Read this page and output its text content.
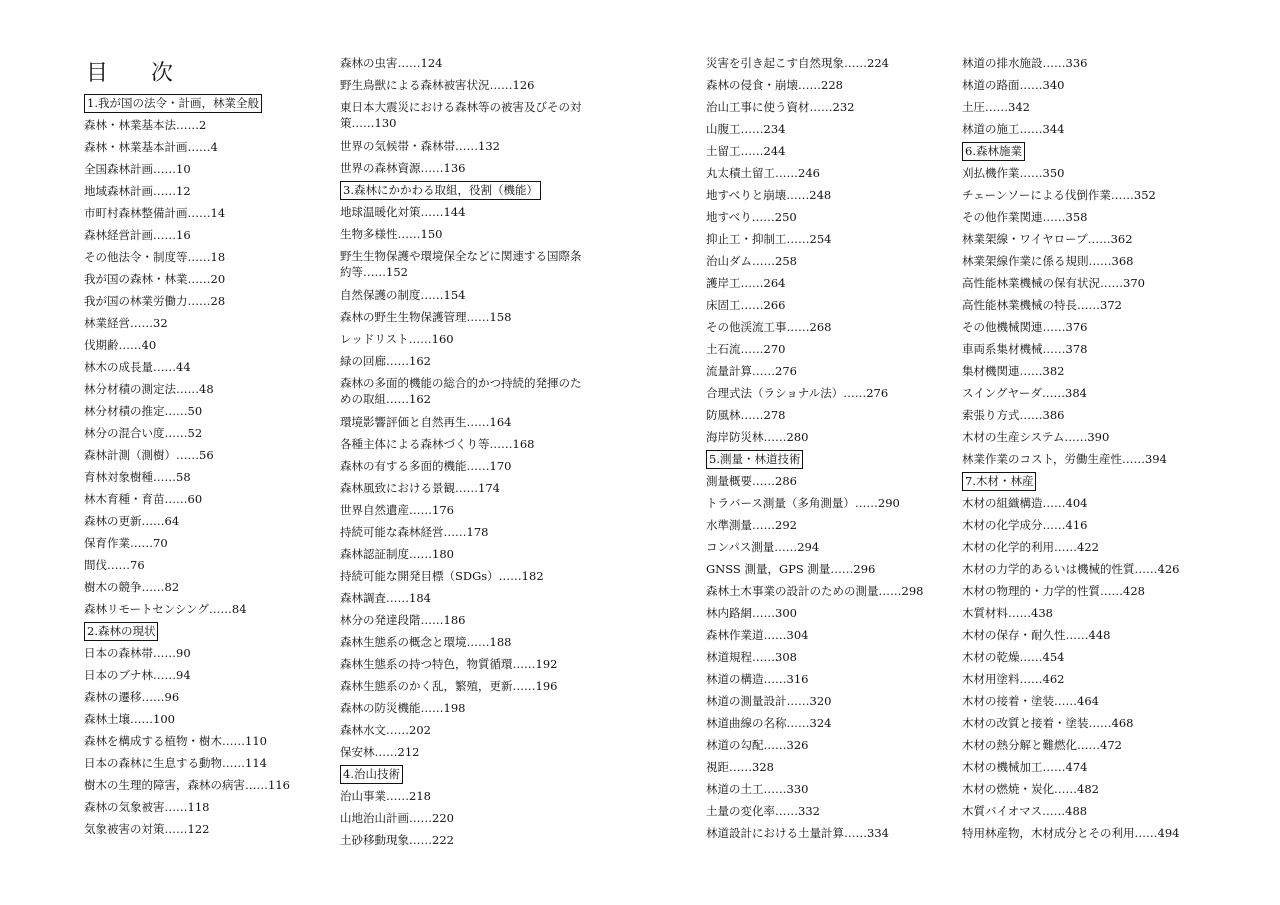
目 次
1.我が国の法令・計画，林業全般
森林・林業基本法……2
森林・林業基本計画……4
全国森林計画……10
地域森林計画……12
市町村森林整備計画……14
森林経営計画……16
その他法令・制度等……18
我が国の森林・林業……20
我が国の林業労働力……28
林業経営……32
伐期齢……40
林木の成長量……44
林分材積の測定法……48
林分材積の推定……50
林分の混合い度……52
森林計測（測樹）……56
育林対象樹種……58
林木育種・育苗……60
森林の更新……64
保育作業……70
間伐……76
樹木の競争……82
森林リモートセンシング……84
2.森林の現状
日本の森林帯……90
日本のブナ林……94
森林の遷移……96
森林土壌……100
森林を構成する植物・樹木……110
日本の森林に生息する動物……114
樹木の生理的障害，森林の病害……116
森林の気象被害……118
気象被害の対策……122
森林の虫害……124
野生鳥獣による森林被害状況……126
東日本大震災における森林等の被害及びその対策……130
世界の気候帯・森林帯……132
世界の森林資源……136
3.森林にかかわる取組，役割（機能）
地球温暖化対策……144
生物多様性……150
野生生物保護や環境保全などに関連する国際条約等……152
自然保護の制度……154
森林の野生生物保護管理……158
レッドリスト……160
緑の回廊……162
森林の多面的機能の総合的かつ持続的発揮のための取組……162
環境影響評価と自然再生……164
各種主体による森林づくり等……168
森林の有する多面的機能……170
森林風致における景観……174
世界自然遺産……176
持続可能な森林経営……178
森林認証制度……180
持続可能な開発目標（SDGs）……182
森林調査……184
林分の発達段階……186
森林生態系の概念と環境……188
森林生態系の持つ特色，物質循環……192
森林生態系のかく乱，繁殖，更新……196
森林の防災機能……198
森林水文……202
保安林……212
4.治山技術
治山事業……218
山地治山計画……220
土砂移動現象……222
災害を引き起こす自然現象……224
森林の侵食・崩壊……228
治山工事に使う資材……232
山腹工……234
土留工……244
丸太積土留工……246
地すべりと崩壊……248
地すべり……250
抑止工・抑制工……254
治山ダム……258
護岸工……264
床固工……266
その他渓流工事……268
土石流……270
流量計算……276
合理式法（ラショナル法）……276
防風林……278
海岸防災林……280
5.測量・林道技術
測量概要……286
トラバース測量（多角測量）……290
水準測量……292
コンパス測量……294
GNSS 測量，GPS 測量……296
森林土木事業の設計のための測量……298
林内路網……300
森林作業道……304
林道規程……308
林道の構造……316
林道の測量設計……320
林道曲線の名称……324
林道の勾配……326
視距……328
林道の土工……330
土量の変化率……332
林道設計における土量計算……334
林道の排水施設……336
林道の路面……340
土圧……342
林道の施工……344
6.森林施業
刈払機作業……350
チェーンソーによる伐倒作業……352
その他作業関連……358
林業架線・ワイヤロープ……362
林業架線作業に係る規則……368
高性能林業機械の保有状況……370
高性能林業機械の特長……372
その他機械関連……376
車両系集材機械……378
集材機関連……382
スイングヤーダ……384
索張り方式……386
木材の生産システム……390
林業作業のコスト，労働生産性……394
7.木材・林産
木材の組織構造……404
木材の化学成分……416
木材の化学的利用……422
木材の力学的あるいは機械的性質……426
木材の物理的・力学的性質……428
木質材料……438
木材の保存・耐久性……448
木材の乾燥……454
木材用塗料……462
木材の接着・塗装……464
木材の改質と接着・塗装……468
木材の熱分解と難燃化……472
木材の機械加工……474
木材の燃焼・炭化……482
木質バイオマス……488
特用林産物，木材成分とその利用……494
